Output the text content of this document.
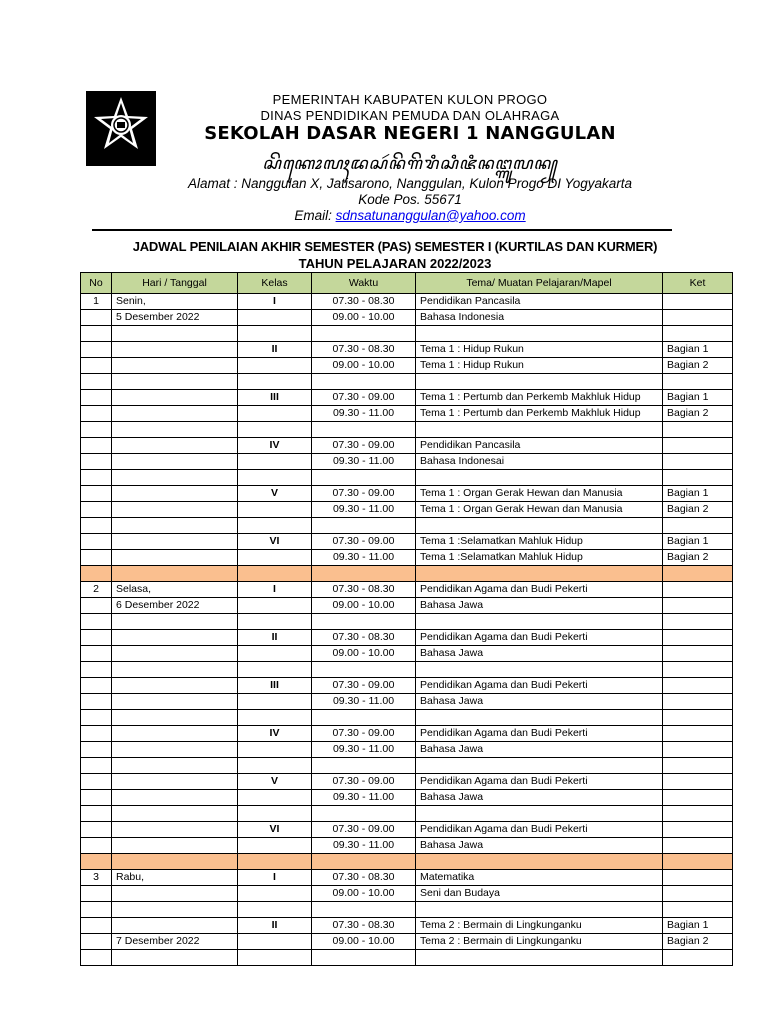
PEMERINTAH KABUPATEN KULON PROGO
DINAS PENDIDIKAN PEMUDA DAN OLAHRAGA
SEKOLAH DASAR NEGERI 1 NANGGULAN
ꦱꦼꦏꦺꦴꦭꦃꦢꦱꦂꦤꦼꦒꦼꦫꦶꦱꦶꦗꦶꦤꦔ꧀ꦒꦸꦭꦤ꧀
Alamat : Nanggulan X, Jatisarono, Nanggulan, Kulon Progo DI Yogyakarta
Kode Pos. 55671
Email: sdnsatunanggulan@yahoo.com
JADWAL PENILAIAN AKHIR SEMESTER (PAS) SEMESTER I (KURTILAS DAN KURMER)
TAHUN PELAJARAN 2022/2023
No	Hari / Tanggal	Kelas	Waktu	Tema/ Muatan Pelajaran/Mapel	Ket
1	Senin,	I	07.30 - 08.30	Pendidikan Pancasila	
	5 Desember 2022		09.00 - 10.00	Bahasa Indonesia	

		II	07.30 - 08.30	Tema 1 : Hidup Rukun	Bagian 1
			09.00 - 10.00	Tema 1 : Hidup Rukun	Bagian 2

		III	07.30 - 09.00	Tema 1 : Pertumb dan Perkemb Makhluk Hidup	Bagian 1
			09.30 - 11.00	Tema 1 : Pertumb dan Perkemb Makhluk Hidup	Bagian 2

		IV	07.30 - 09.00	Pendidikan Pancasila	
			09.30 - 11.00	Bahasa Indonesai	

		V	07.30 - 09.00	Tema 1 : Organ Gerak Hewan dan Manusia	Bagian 1
			09.30 - 11.00	Tema 1 : Organ Gerak Hewan dan Manusia	Bagian 2

		VI	07.30 - 09.00	Tema 1 :Selamatkan Mahluk Hidup	Bagian 1
			09.30 - 11.00	Tema 1 :Selamatkan Mahluk Hidup	Bagian 2

2	Selasa,	I	07.30 - 08.30	Pendidikan Agama dan Budi Pekerti	
	6 Desember 2022		09.00 - 10.00	Bahasa Jawa	

		II	07.30 - 08.30	Pendidikan Agama dan Budi Pekerti	
			09.00 - 10.00	Bahasa Jawa	

		III	07.30 - 09.00	Pendidikan Agama dan Budi Pekerti	
			09.30 - 11.00	Bahasa Jawa	

		IV	07.30 - 09.00	Pendidikan Agama dan Budi Pekerti	
			09.30 - 11.00	Bahasa Jawa	

		V	07.30 - 09.00	Pendidikan Agama dan Budi Pekerti	
			09.30 - 11.00	Bahasa Jawa	

		VI	07.30 - 09.00	Pendidikan Agama dan Budi Pekerti	
			09.30 - 11.00	Bahasa Jawa	

3	Rabu,	I	07.30 - 08.30	Matematika	
			09.00 - 10.00	Seni dan Budaya	

		II	07.30 - 08.30	Tema 2 : Bermain di Lingkunganku	Bagian 1
	7 Desember 2022		09.00 - 10.00	Tema 2 : Bermain di Lingkunganku	Bagian 2
